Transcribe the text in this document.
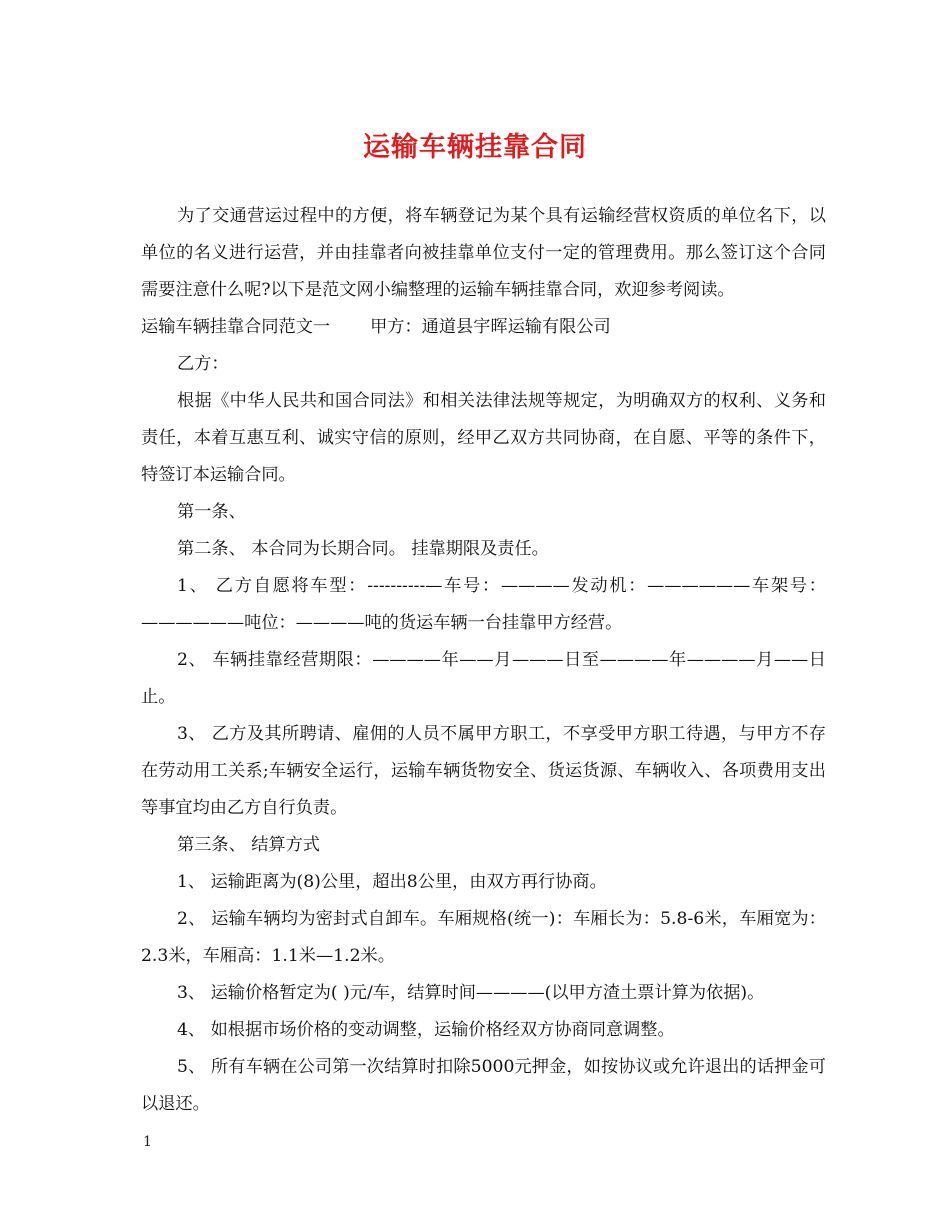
运输车辆挂靠合同

为了交通营运过程中的方便，将车辆登记为某个具有运输经营权资质的单位名下，以单位的名义进行运营，并由挂靠者向被挂靠单位支付一定的管理费用。那么签订这个合同需要注意什么呢?以下是范文网小编整理的运输车辆挂靠合同，欢迎参考阅读。

运输车辆挂靠合同范文一 甲方：通道县宇晖运输有限公司

乙方：

根据《中华人民共和国合同法》和相关法律法规等规定，为明确双方的权利、义务和责任，本着互惠互利、诚实守信的原则，经甲乙双方共同协商，在自愿、平等的条件下，特签订本运输合同。

第一条、

第二条、 本合同为长期合同。 挂靠期限及责任。

1、 乙方自愿将车型：----------—车号：————发动机：——————车架号：——————吨位：————吨的货运车辆一台挂靠甲方经营。

2、 车辆挂靠经营期限：————年——月———日至————年————月——日止。

3、 乙方及其所聘请、雇佣的人员不属甲方职工，不享受甲方职工待遇，与甲方不存在劳动用工关系;车辆安全运行，运输车辆货物安全、货运货源、车辆收入、各项费用支出等事宜均由乙方自行负责。

第三条、 结算方式

1、 运输距离为(8)公里，超出8公里，由双方再行协商。

2、 运输车辆均为密封式自卸车。车厢规格(统一)：车厢长为：5.8-6米，车厢宽为：2.3米，车厢高：1.1米—1.2米。

3、 运输价格暂定为( )元/车，结算时间————(以甲方渣土票计算为依据)。

4、 如根据市场价格的变动调整，运输价格经双方协商同意调整。

5、 所有车辆在公司第一次结算时扣除5000元押金，如按协议或允许退出的话押金可以退还。

1
